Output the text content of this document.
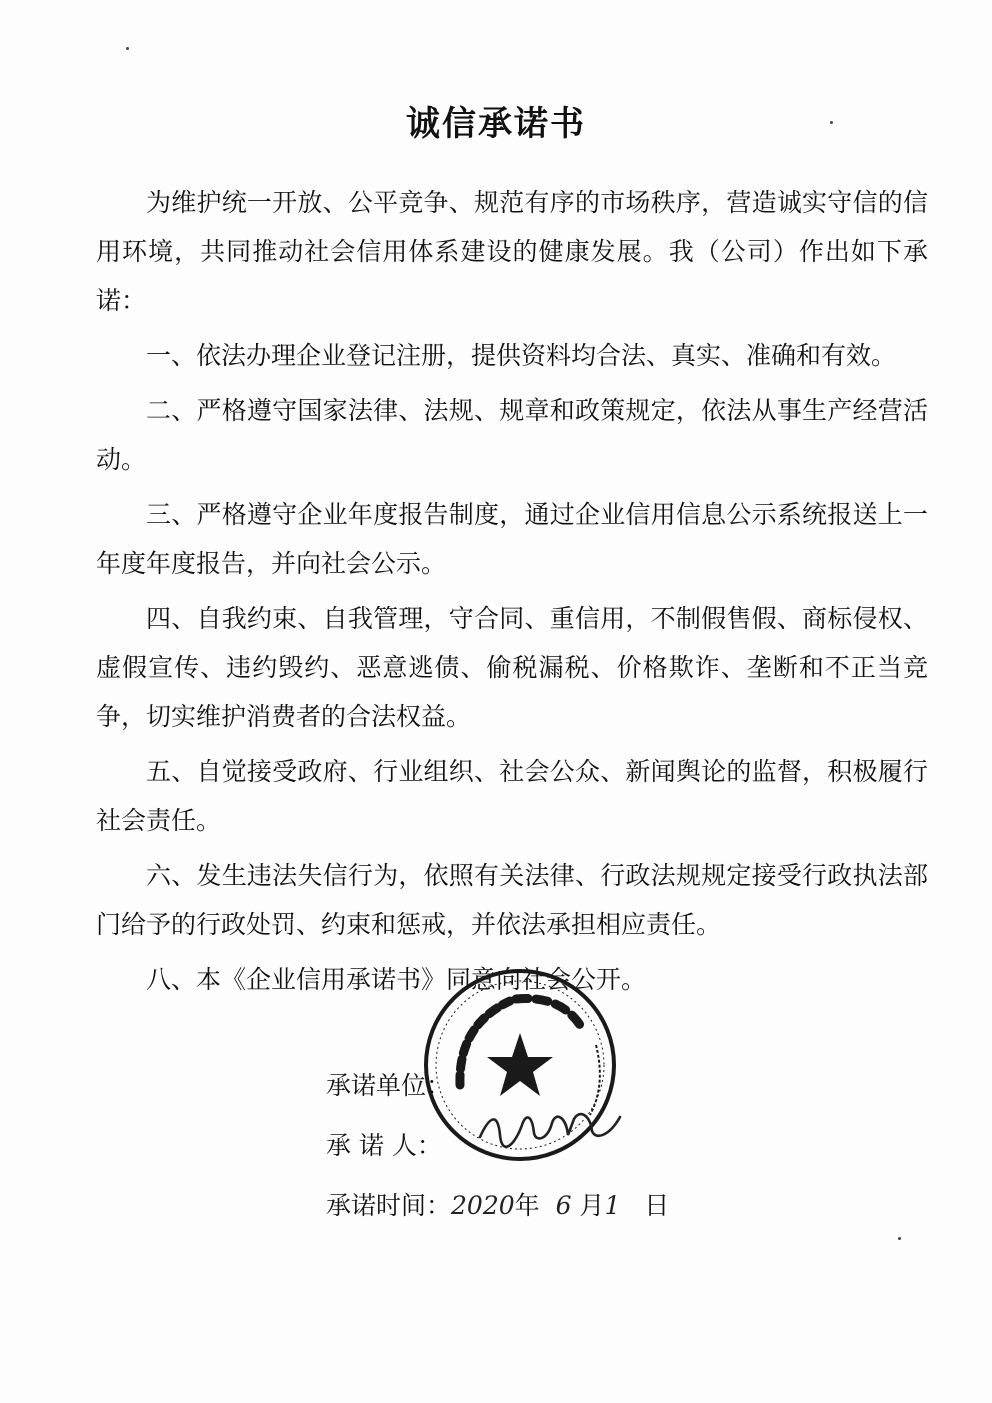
诚信承诺书

为维护统一开放、公平竞争、规范有序的市场秩序，营造诚实守信的信用环境，共同推动社会信用体系建设的健康发展。我（公司）作出如下承诺：

一、依法办理企业登记注册，提供资料均合法、真实、准确和有效。

二、严格遵守国家法律、法规、规章和政策规定，依法从事生产经营活动。

三、严格遵守企业年度报告制度，通过企业信用信息公示系统报送上一年度年度报告，并向社会公示。

四、自我约束、自我管理，守合同、重信用，不制假售假、商标侵权、虚假宣传、违约毁约、恶意逃债、偷税漏税、价格欺诈、垄断和不正当竞争，切实维护消费者的合法权益。

五、自觉接受政府、行业组织、社会公众、新闻舆论的监督，积极履行社会责任。

六、发生违法失信行为，依照有关法律、行政法规规定接受行政执法部门给予的行政处罚、约束和惩戒，并依法承担相应责任。

八、本《企业信用承诺书》同意向社会公开。

承诺单位：
承 诺 人：
承诺时间：2020年 6 月1 日
